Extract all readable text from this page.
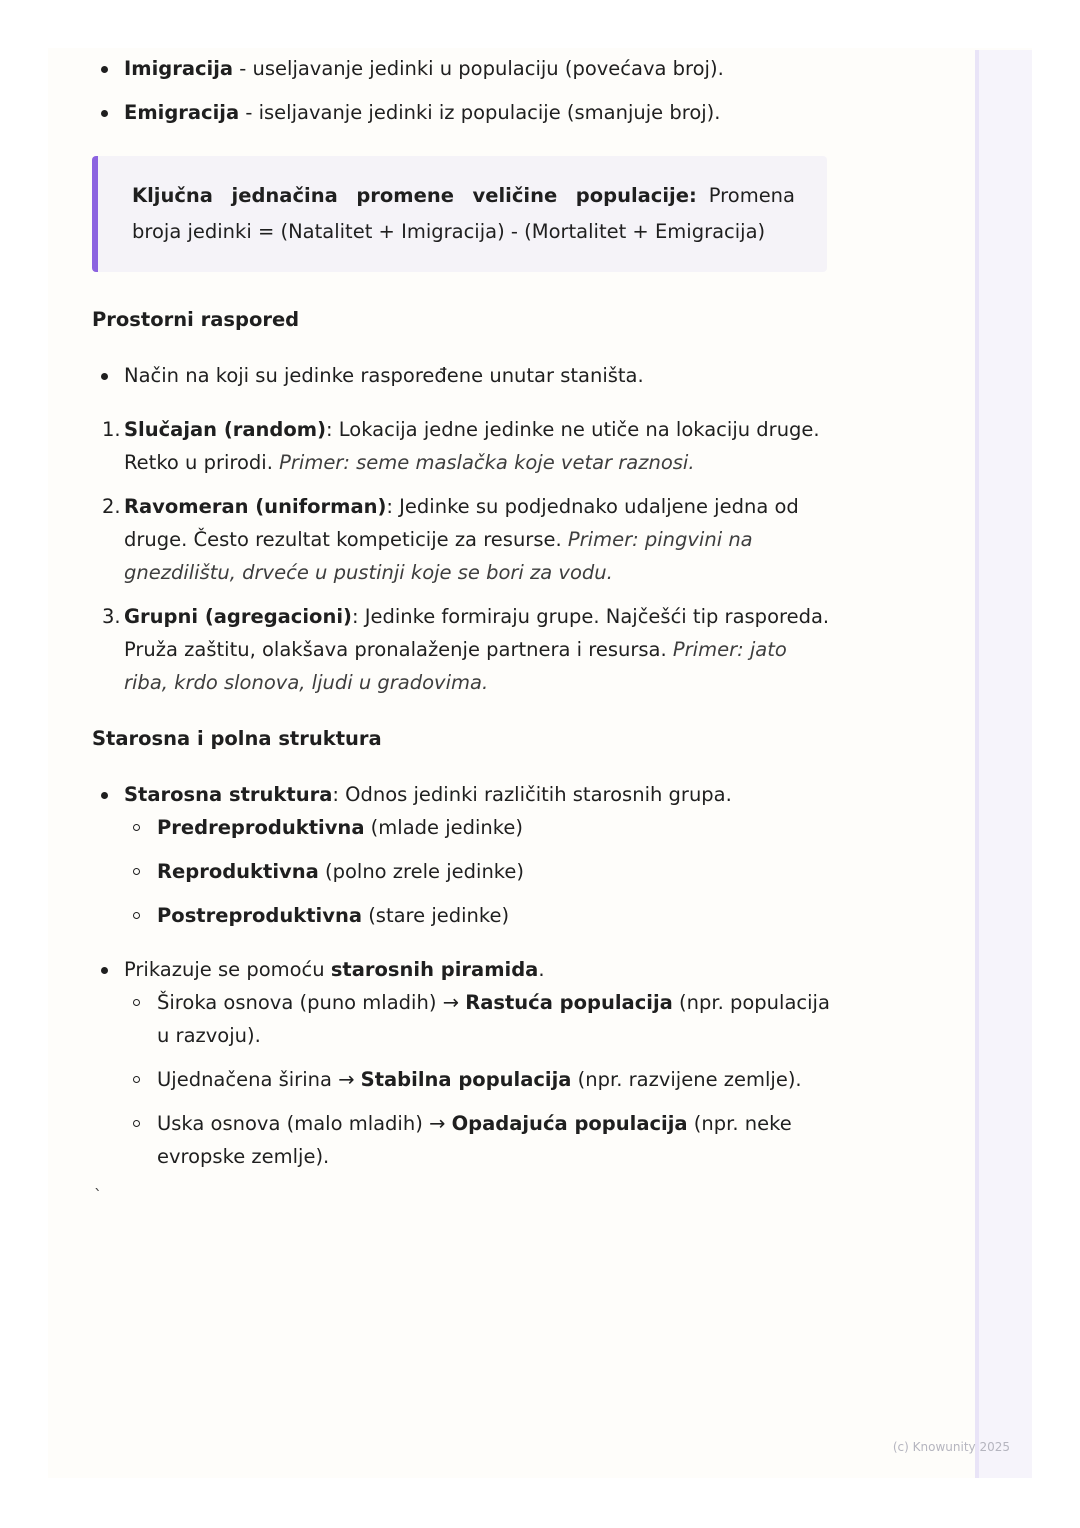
Imigracija - useljavanje jedinki u populaciju (povećava broj).
Emigracija - iseljavanje jedinki iz populacije (smanjuje broj).
Ključna jednačina promene veličine populacije: Promena broja jedinki = (Natalitet + Imigracija) - (Mortalitet + Emigracija)
Prostorni raspored
Način na koji su jedinke raspoređene unutar staništa.
1. Slučajan (random): Lokacija jedne jedinke ne utiče na lokaciju druge. Retko u prirodi. Primer: seme maslačka koje vetar raznosi.
2. Ravomeran (uniforman): Jedinke su podjednako udaljene jedna od druge. Često rezultat kompeticije za resurse. Primer: pingvini na gnezdilištu, drveće u pustinji koje se bori za vodu.
3. Grupni (agregacioni): Jedinke formiraju grupe. Najčešći tip rasporeda. Pruža zaštitu, olakšava pronalaženje partnera i resursa. Primer: jato riba, krdo slonova, ljudi u gradovima.
Starosna i polna struktura
Starosna struktura: Odnos jedinki različitih starosnih grupa.
Predreproduktivna (mlade jedinke)
Reproduktivna (polno zrele jedinke)
Postreproduktivna (stare jedinke)
Prikazuje se pomoću starosnih piramida.
Široka osnova (puno mladih) → Rastuća populacija (npr. populacija u razvoju).
Ujednačena širina → Stabilna populacija (npr. razvijene zemlje).
Uska osnova (malo mladih) → Opadajuća populacija (npr. neke evropske zemlje).
`
(c) Knowunity 2025
